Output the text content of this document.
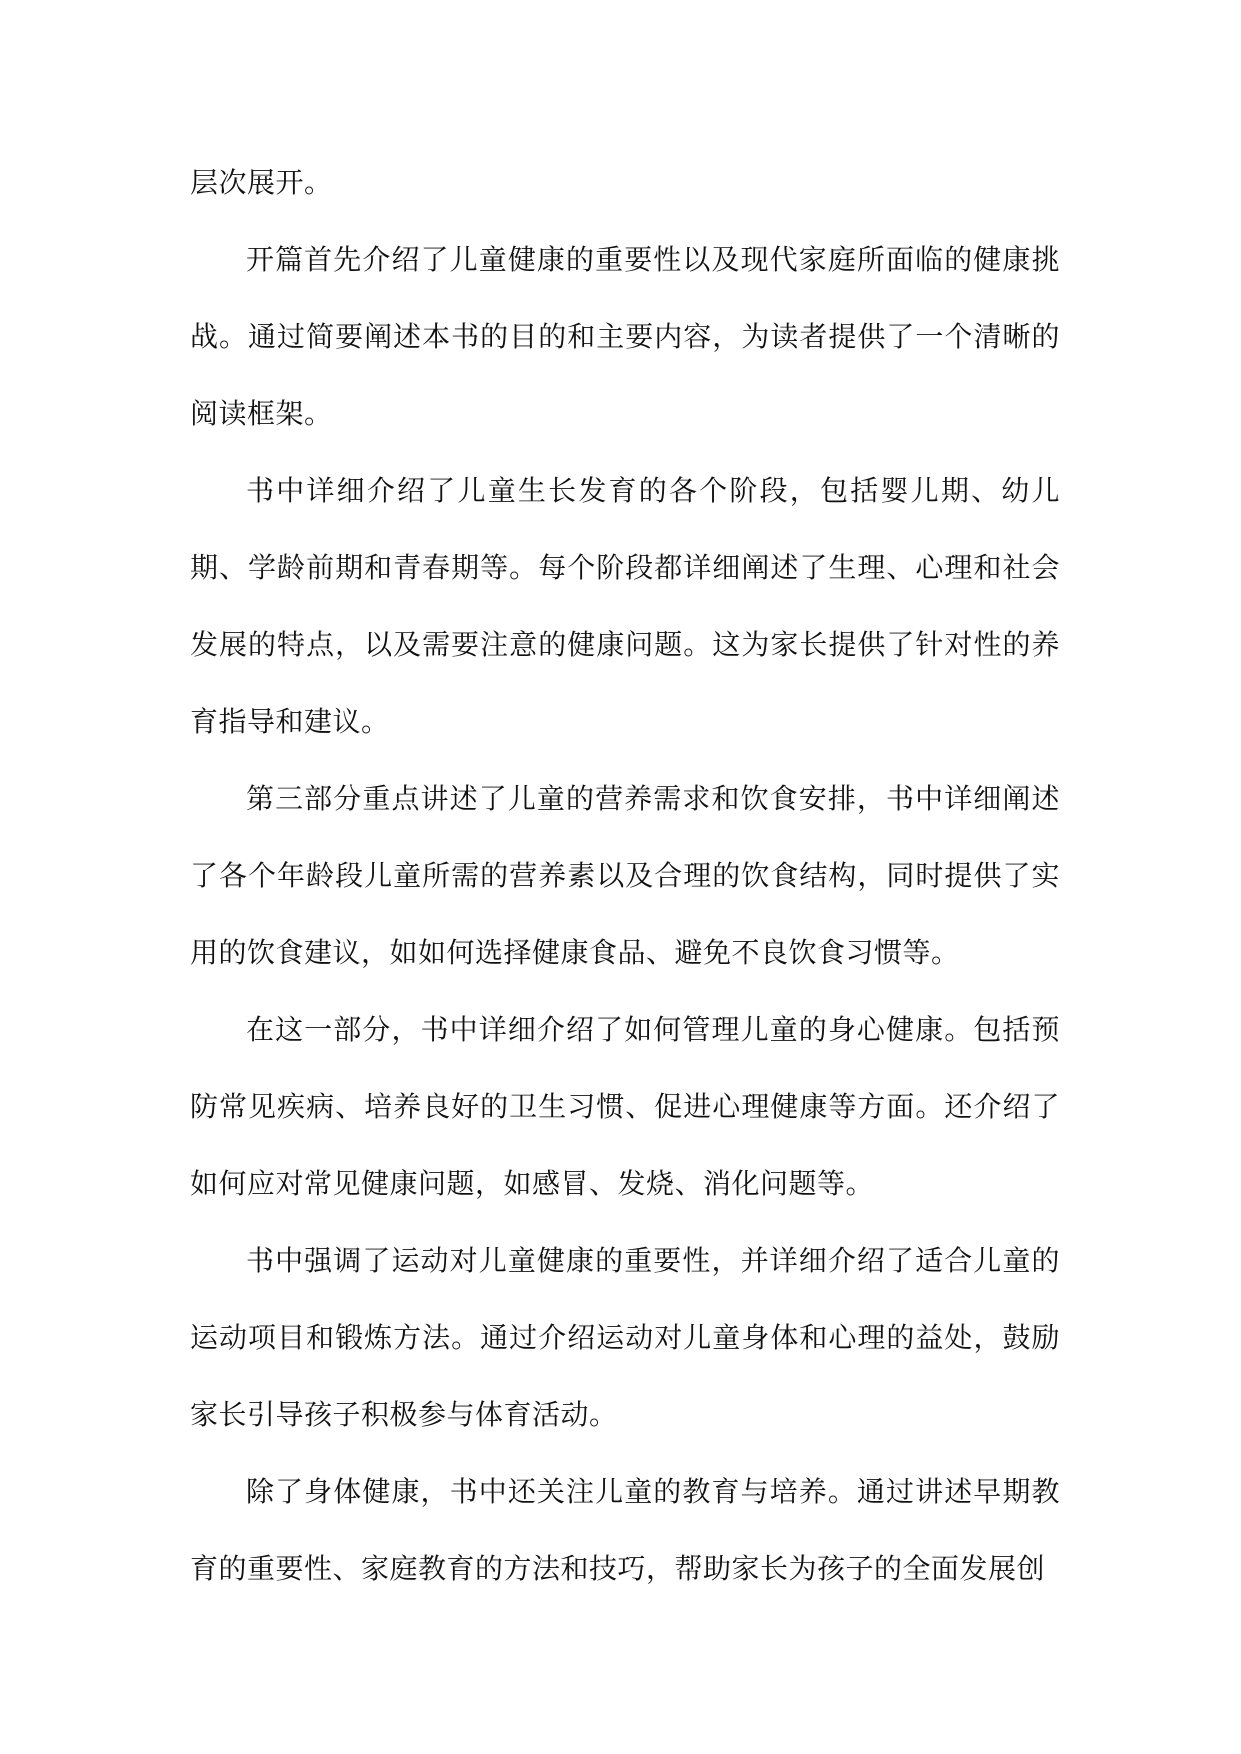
层次展开。

开篇首先介绍了儿童健康的重要性以及现代家庭所面临的健康挑战。通过简要阐述本书的目的和主要内容，为读者提供了一个清晰的阅读框架。

书中详细介绍了儿童生长发育的各个阶段，包括婴儿期、幼儿期、学龄前期和青春期等。每个阶段都详细阐述了生理、心理和社会发展的特点，以及需要注意的健康问题。这为家长提供了针对性的养育指导和建议。

第三部分重点讲述了儿童的营养需求和饮食安排，书中详细阐述了各个年龄段儿童所需的营养素以及合理的饮食结构，同时提供了实用的饮食建议，如如何选择健康食品、避免不良饮食习惯等。

在这一部分，书中详细介绍了如何管理儿童的身心健康。包括预防常见疾病、培养良好的卫生习惯、促进心理健康等方面。还介绍了如何应对常见健康问题，如感冒、发烧、消化问题等。

书中强调了运动对儿童健康的重要性，并详细介绍了适合儿童的运动项目和锻炼方法。通过介绍运动对儿童身体和心理的益处，鼓励家长引导孩子积极参与体育活动。

除了身体健康，书中还关注儿童的教育与培养。通过讲述早期教育的重要性、家庭教育的方法和技巧，帮助家长为孩子的全面发展创
